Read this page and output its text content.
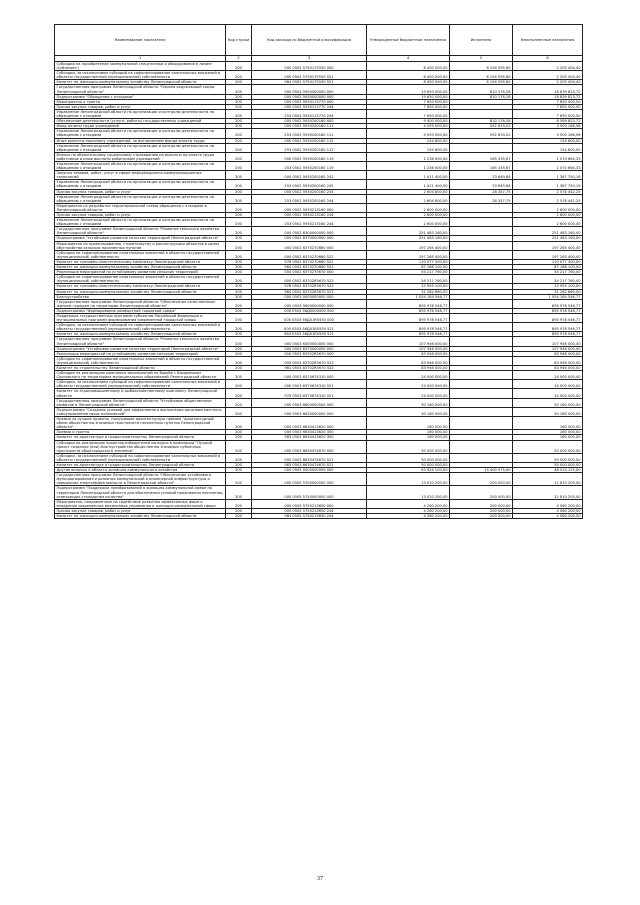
Наименование показателя	Код строки	Код расхода по бюджетной классификации	Утвержденные бюджетные назначения	Исполнено	Неисполненные назначения
1	2	3	4	5	6
Субсидии на приобретение коммунальной спецтехники и оборудования в лизинг (сублизинг)	200	000 0502 5750175550 000	8 400 000,00	6 194 595,60	2 205 404,40
Субсидии, за исключением субсидий на софинансирование капитальных вложений в объекты государственной (муниципальной) собственности	200	000 0502 5750175550 521	8 400 000,00	6 194 595,60	2 205 404,40
Комитет по жилищно-коммунальному хозяйству Ленинградской области	200	984 0502 5750175550 521	8 400 000,00	6 194 595,60	2 205 404,40
Государственная программа Ленинградской области "Охрана окружающей среды Ленинградской области"	200	000 0502 5900000000 000	19 650 000,00	810 176,28	18 839 823,72
Подпрограмма "Обращение с отходами"	200	000 0502 5930000000 000	19 650 000,00	810 176,28	18 839 823,72
Мероприятия и гранты	200	000 0502 5930113770 000	7 650 000,00		7 650 000,00
Прочая закупка товаров, работ и услуг	200	000 0502 5930113770 244	7 650 000,00		7 650 000,00
Управление Ленинградской области по организации и контролю деятельности по обращению с отходами	200	253 0502 5930113770 244	7 650 000,00		7 650 000,00
Обеспечение деятельности (услуги, работы) государственных учреждений	200	000 0502 5930200160 000	9 400 000,00	810 176,28	8 589 823,72
Фонд оплаты труда учреждений	200	000 0502 5930200160 111	4 093 000,00	592 833,02	3 500 166,98
Управление Ленинградской области по организации и контролю деятельности по обращению с отходами	200	253 0502 5930200160 111	4 093 000,00	592 833,02	3 500 166,98
Иные выплаты персоналу учреждений, за исключением фонда оплаты труда	200	000 0502 5930200160 112	154 800,00		154 800,00
Управление Ленинградской области по организации и контролю деятельности по обращению с отходами	200	253 0502 5930200160 112	154 800,00		154 800,00
Взносы по обязательному социальному страхованию на выплаты по оплате труда работников и иные выплаты работникам учреждений	200	000 0502 5930200160 119	1 236 000,00	165 335,67	1 070 664,33
Управление Ленинградской области по организации и контролю деятельности по обращению с отходами	200	253 0502 5930200160 119	1 236 000,00	165 335,67	1 070 664,33
Закупка товаров, работ, услуг в сфере информационно-коммуникационных технологий	200	000 0502 5930200160 242	1 411 400,00	23 649,84	1 387 750,16
Управление Ленинградской области по организации и контролю деятельности по обращению с отходами	200	253 0502 5930200160 242	1 411 400,00	23 649,84	1 387 750,16
Прочая закупка товаров, работ и услуг	200	000 0502 5930200160 244	2 604 800,00	28 357,75	2 576 442,25
Управление Ленинградской области по организации и контролю деятельности по обращению с отходами	200	253 0502 5930200160 244	2 604 800,00	28 357,75	2 576 442,25
Мероприятия по разработке территориальной схемы обращения с отходами в Ленинградской области	200	000 0502 5930213160 000	2 600 000,00		2 600 000,00
Прочая закупка товаров, работ и услуг	200	000 0502 5930213160 244	2 600 000,00		2 600 000,00
Управление Ленинградской области по организации и контролю деятельности по обращению с отходами	200	253 0502 5930213160 244	2 600 000,00		2 600 000,00
Государственная программа Ленинградской области "Развитие сельского хозяйства Ленинградской области"	200	000 0502 6300000000 000	251 483 160,00		251 483 160,00
Подпрограмма "Устойчивое развитие сельских территорий Ленинградской области"	200	000 0502 6370000000 000	251 483 160,00		251 483 160,00
Мероприятия по проектированию, строительству и реконструкции объектов в целях обустройства сельских населенных пунктов	200	000 0502 6370270660 000	197 265 400,00		197 265 400,00
Субсидии на софинансирование капитальных вложений в объекты государственной (муниципальной) собственности	200	000 0502 6370270660 522	197 265 400,00		197 265 400,00
Комитет по топливно-энергетическому комплексу Ленинградской области	200	978 0502 6370270660 522	110 077 300,00		110 077 300,00
Комитет по жилищно-коммунальному хозяйству Ленинградской области	200	984 0502 6370270660 522	87 188 100,00		87 188 100,00
Реализация мероприятий по устойчивому развитию сельских территорий	200	000 0502 6370275670 000	54 217 760,00		54 217 760,00
Субсидии на софинансирование капитальных вложений в объекты государственной (муниципальной) собственности	200	000 0502 63702R5670 522	54 217 760,00		54 217 760,00
Комитет по топливно-энергетическому комплексу Ленинградской области	200	978 0502 63702R5670 522	22 955 100,00		22 955 100,00
Комитет по жилищно-коммунальному хозяйству Ленинградской области	200	984 0502 63702R5670 522	31 262 660,00		31 262 660,00
Благоустройство	200	000 0503 0000000000 000	1 054 184 546,77		1 054 184 546,77
Государственная программа Ленинградской области "Обеспечение качественным жильем граждан на территории Ленинградской области"	200	000 0503 5600000000 000	895 978 546,77		895 978 546,77
Подпрограмма "Формирование комфортной городской среды"	200	000 0503 56Д0000000 000	895 978 546,77		895 978 546,77
Поддержка государственных программ субъектов Российской Федерации и муниципальных программ формирования современной городской среды	200	000 0503 56Д01R5550 000	895 978 546,77		895 978 546,77
Субсидии, за исключением субсидий на софинансирование капитальных вложений в объекты государственной (муниципальной) собственности	200	000 0503 56Д01R5550 521	895 978 546,77		895 978 546,77
Комитет по жилищно-коммунальному хозяйству Ленинградской области	200	984 0503 56Д01R5550 521	895 978 546,77		895 978 546,77
Государственная программа Ленинградской области "Развитие сельского хозяйства Ленинградской области"	200	000 0503 6300000000 000	107 946 000,00		107 946 000,00
Подпрограмма "Устойчивое развитие сельских территорий Ленинградской области"	200	000 0503 6370000000 000	107 946 000,00		107 946 000,00
Реализация мероприятий по устойчивому развитию сельских территорий	200	000 0503 63702R5670 000	83 946 000,00		83 946 000,00
Субсидии на софинансирование капитальных вложений в объекты государственной (муниципальной) собственности	200	000 0503 63702R5670 522	83 946 000,00		83 946 000,00
Комитет по строительству Ленинградской области	200	981 0503 63702R5670 522	83 946 000,00		83 946 000,00
Субсидии на реализацию комплекса мероприятий по борьбе с борщевиком Сосновского на территориях муниципальных образований Ленинградской области	200	000 0503 6370674310 000	24 000 000,00		24 000 000,00
Субсидии, за исключением субсидий на софинансирование капитальных вложений в объекты государственной (муниципальной) собственности	200	000 0503 6370674310 521	24 000 000,00		24 000 000,00
Комитет по агропромышленному и рыбохозяйственному комплексу Ленинградской области	200	975 0503 6370674310 521	24 000 000,00		24 000 000,00
Государственная программа Ленинградской области "Устойчивое общественное развитие в Ленинградской области"	200	000 0503 6600000000 000	50 160 000,00		50 160 000,00
Подпрограмма "Создание условий для эффективного выполнения органами местного самоуправления своих полномочий"	200	000 0503 6630000000 000	50 160 000,00		50 160 000,00
Премия за лучшие проекты, получившие архитектурную премию "Архитектурный облик общественно-значимых пространств населенных пунктов Ленинградской области"	200	000 0503 6630413620 000	160 000,00		160 000,00
Премии и гранты	200	000 0503 6630413620 350	160 000,00		160 000,00
Комитет по архитектуре и градостроительству Ленинградской области	200	983 0503 6630413620 350	160 000,00		160 000,00
Субсидии на реализацию проектов-победителей конкурса в номинации "Лучший проект создания (или) благоустройства общественно значимых публичных пространств общегородского значения"	200	000 0503 6630474670 000	50 000 000,00		50 000 000,00
Субсидии, за исключением субсидий на софинансирование капитальных вложений в объекты государственной (муниципальной) собственности	200	000 0503 6630474670 521	50 000 000,00		50 000 000,00
Комитет по архитектуре и градостроительству Ленинградской области	200	983 0503 6630474670 521	50 000 000,00		50 000 000,00
Другие вопросы в области жилищно-коммунального хозяйства	200	000 0505 0000000000 000	63 924 100,00	15 400 975,00	48 523 125,00
Государственная программа Ленинградской области "Обеспечение устойчивого функционирования и развития коммунальной и инженерной инфраструктуры и повышение энергоэффективности в Ленинградской области"	200	000 0505 5700000000 000	13 010 200,00	200 000,00	12 810 200,00
Подпрограмма "Поддержка преобразований в жилищно-коммунальной сфере на территории Ленинградской области для обеспечения условий проживания населения, отвечающих стандартам качества"	200	000 0505 5750000000 000	13 010 200,00	200 000,00	12 810 200,00
Мероприятия, направленные на содействие развитию эффективных форм и внедрение современных механизмов управления в жилищно-коммунальной сфере	200	000 0505 5750213650 000	4 260 200,00	200 000,00	4 060 200,00
Прочая закупка товаров, работ и услуг	200	000 0505 5750213650 244	4 260 200,00	200 000,00	4 060 200,00
Комитет по жилищно-коммунальному хозяйству Ленинградской области	200	984 0505 5750213650 244	4 260 200,00	200 000,00	4 060 200,00
37
